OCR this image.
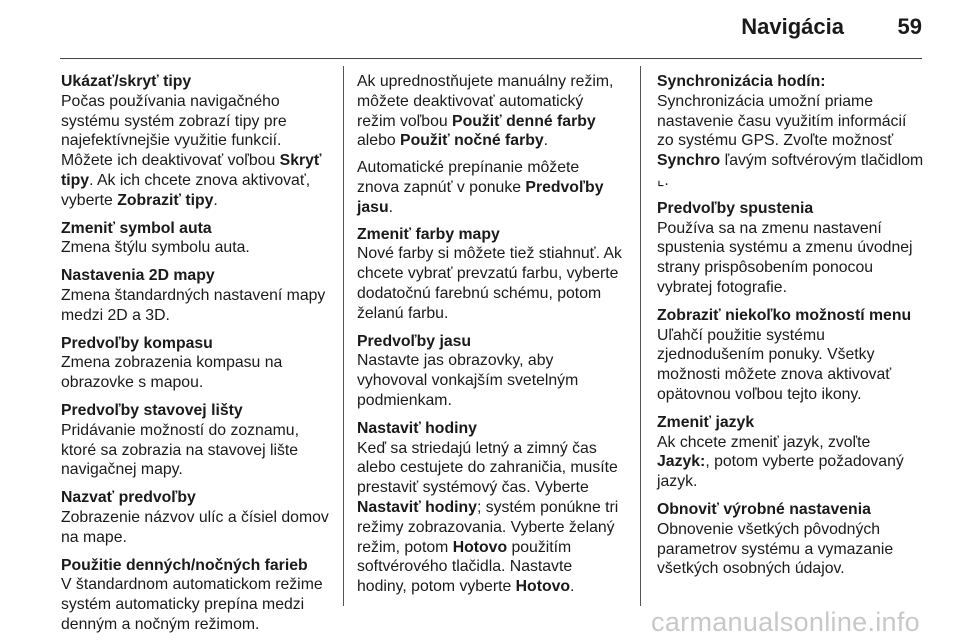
Navigácia 59
Ukázať/skryť tipy
Počas používania navigačného systému systém zobrazí tipy pre najefektívnejšie využitie funkcií. Môžete ich deaktivovať voľbou Skryť tipy. Ak ich chcete znova aktivovať, vyberte Zobraziť tipy.
Zmeniť symbol auta
Zmena štýlu symbolu auta.
Nastavenia 2D mapy
Zmena štandardných nastavení mapy medzi 2D a 3D.
Predvoľby kompasu
Zmena zobrazenia kompasu na obrazovke s mapou.
Predvoľby stavovej lišty
Pridávanie možností do zoznamu, ktoré sa zobrazia na stavovej lište navigačnej mapy.
Nazvať predvoľby
Zobrazenie názvov ulíc a čísiel domov na mape.
Použitie denných/nočných farieb
V štandardnom automatickom režime systém automaticky prepína medzi denným a nočným režimom.
Ak uprednostňujete manuálny režim, môžete deaktivovať automatický režim voľbou Použiť denné farby alebo Použiť nočné farby.
Automatické prepínanie môžete znova zapnúť v ponuke Predvoľby jasu.
Zmeniť farby mapy
Nové farby si môžete tiež stiahnuť. Ak chcete vybrať prevzatú farbu, vyberte dodatočnú farebnú schému, potom želanú farbu.
Predvoľby jasu
Nastavte jas obrazovky, aby vyhovoval vonkajším svetelným podmienkam.
Nastaviť hodiny
Keď sa striedajú letný a zimný čas alebo cestujete do zahraničia, musíte prestaviť systémový čas. Vyberte Nastaviť hodiny; systém ponúkne tri režimy zobrazovania. Vyberte želaný režim, potom Hotovo použitím softvérového tlačidla. Nastavte hodiny, potom vyberte Hotovo.
Synchronizácia hodín:
Synchronizácia umožní priame nastavenie času využitím informácií zo systému GPS. Zvoľte možnosť Synchro ľavým softvérovým tlačidlom ⌞.
Predvoľby spustenia
Používa sa na zmenu nastavení spustenia systému a zmenu úvodnej strany prispôsobením ponocou vybratej fotografie.
Zobraziť niekoľko možností menu
Uľahčí použitie systému zjednodušením ponuky. Všetky možnosti môžete znova aktivovať opätovnou voľbou tejto ikony.
Zmeniť jazyk
Ak chcete zmeniť jazyk, zvoľte Jazyk:, potom vyberte požadovaný jazyk.
Obnoviť výrobné nastavenia
Obnovenie všetkých pôvodných parametrov systému a vymazanie všetkých osobných údajov.
carmanualsonline.info
